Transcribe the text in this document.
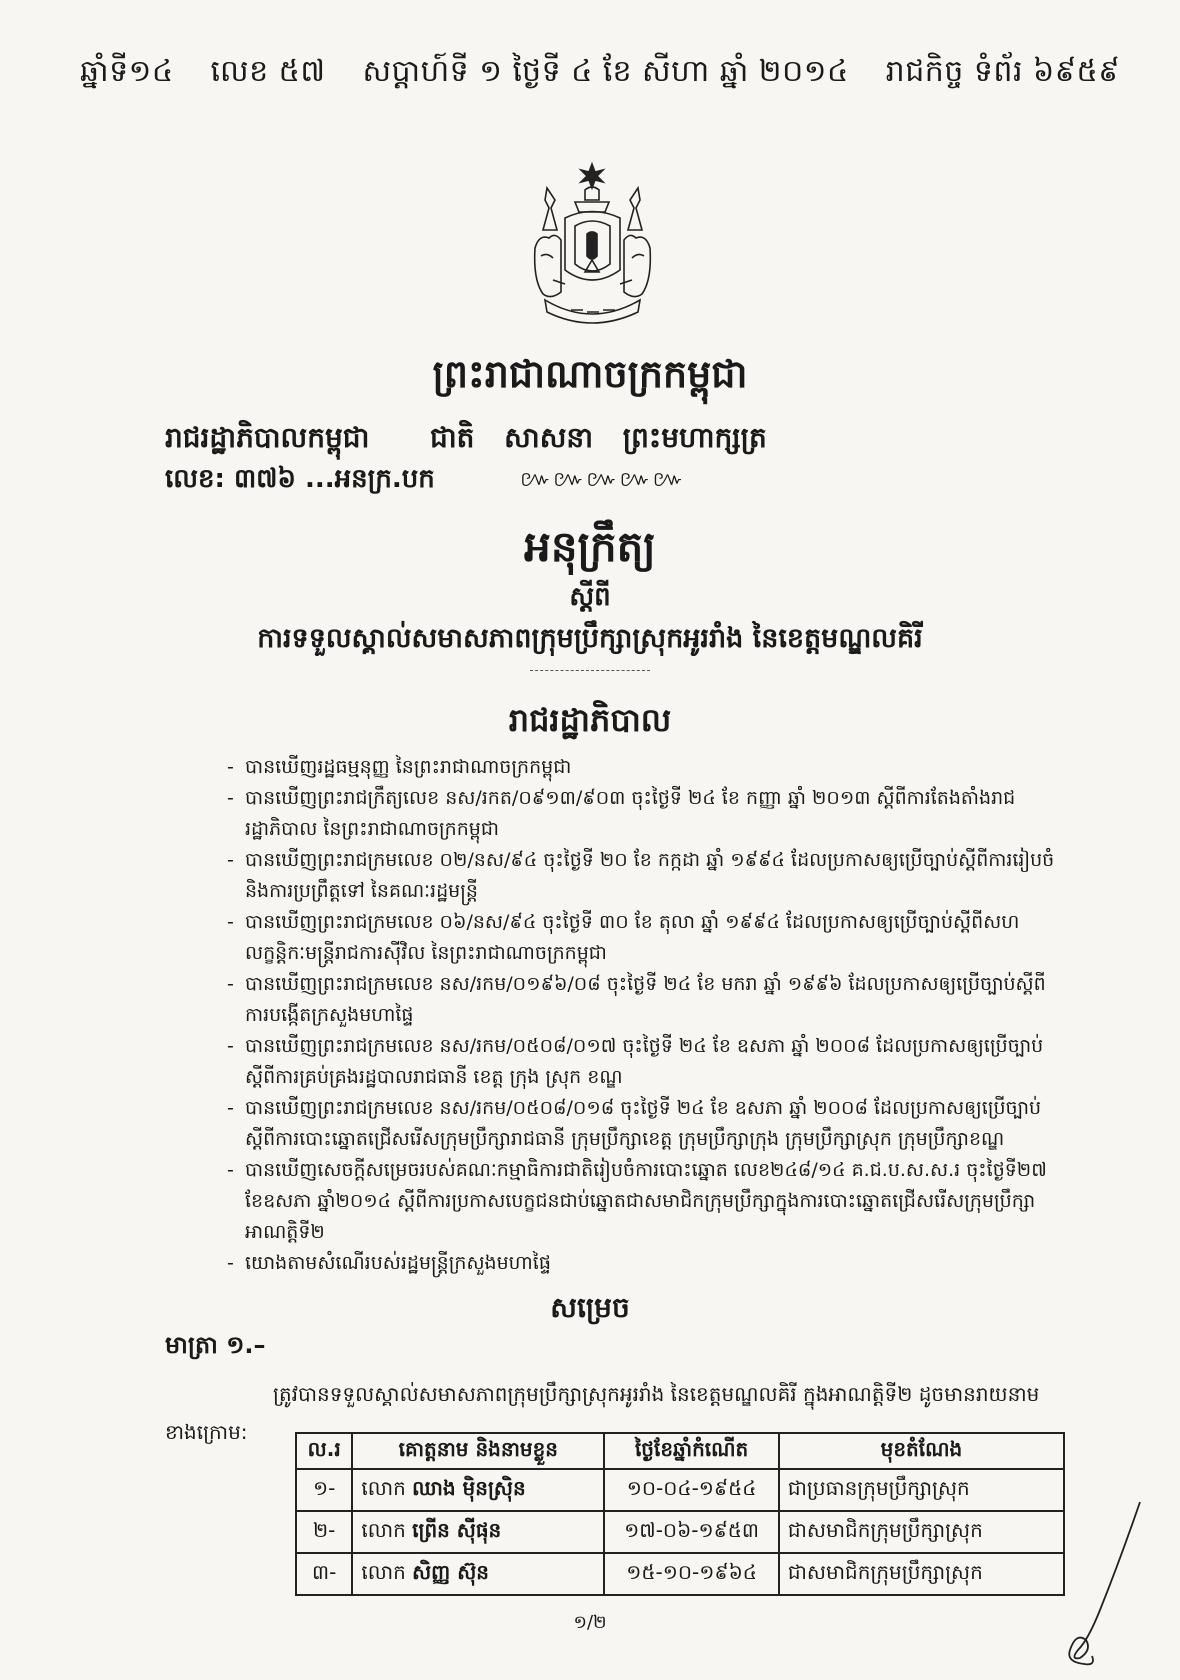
ឆ្នាំទី១៤ លេខ ៥៧ សប្តាហ៍ទី ១ ថ្ងៃទី ៤ ខែ សីហា ឆ្នាំ ២០១៤ រាជកិច្ច ទំព័រ ៦៩៥៩
ព្រះរាជាណាចក្រកម្ពុជា
រាជរដ្ឋាភិបាលកម្ពុជា ជាតិ សាសនា ព្រះមហាក្សត្រ
លេខ: ៣៧៦ ...អនក្រ.បក	៚៚៚៚៚
អនុក្រឹត្យ
ស្តីពី
ការទទួលស្គាល់សមាសភាពក្រុមប្រឹក្សាស្រុកអូររាំង នៃខេត្តមណ្ឌលគិរី
រាជរដ្ឋាភិបាល
- បានឃើញរដ្ឋធម្មនុញ្ញ នៃព្រះរាជាណាចក្រកម្ពុជា
- បានឃើញព្រះរាជក្រឹត្យលេខ នស/រកត/០៩១៣/៩០៣ ចុះថ្ងៃទី ២៤ ខែ កញ្ញា ឆ្នាំ ២០១៣ ស្តីពីការតែងតាំងរាជរដ្ឋាភិបាល នៃព្រះរាជាណាចក្រកម្ពុជា
- បានឃើញព្រះរាជក្រមលេខ ០២/នស/៩៤ ចុះថ្ងៃទី ២០ ខែ កក្កដា ឆ្នាំ ១៩៩៤ ដែលប្រកាសឲ្យប្រើច្បាប់ស្តីពីការរៀបចំ និងការប្រព្រឹត្តទៅ នៃគណៈរដ្ឋមន្ត្រី
- បានឃើញព្រះរាជក្រមលេខ ០៦/នស/៩៤ ចុះថ្ងៃទី ៣០ ខែ តុលា ឆ្នាំ ១៩៩៤ ដែលប្រកាសឲ្យប្រើច្បាប់ស្តីពីសហលក្ខន្តិកៈមន្ត្រីរាជការស៊ីវិល នៃព្រះរាជាណាចក្រកម្ពុជា
- បានឃើញព្រះរាជក្រមលេខ នស/រកម/០១៩៦/០៨ ចុះថ្ងៃទី ២៤ ខែ មករា ឆ្នាំ ១៩៩៦ ដែលប្រកាសឲ្យប្រើច្បាប់ស្តីពីការបង្កើតក្រសួងមហាផ្ទៃ
- បានឃើញព្រះរាជក្រមលេខ នស/រកម/០៥០៨/០១៧ ចុះថ្ងៃទី ២៤ ខែ ឧសភា ឆ្នាំ ២០០៨ ដែលប្រកាសឲ្យប្រើច្បាប់ស្តីពីការគ្រប់គ្រងរដ្ឋបាលរាជធានី ខេត្ត ក្រុង ស្រុក ខណ្ឌ
- បានឃើញព្រះរាជក្រមលេខ នស/រកម/០៥០៨/០១៨ ចុះថ្ងៃទី ២៤ ខែ ឧសភា ឆ្នាំ ២០០៨ ដែលប្រកាសឲ្យប្រើច្បាប់ស្តីពីការបោះឆ្នោតជ្រើសរើសក្រុមប្រឹក្សារាជធានី ក្រុមប្រឹក្សាខេត្ត ក្រុមប្រឹក្សាក្រុង ក្រុមប្រឹក្សាស្រុក ក្រុមប្រឹក្សាខណ្ឌ
- បានឃើញសេចក្តីសម្រេចរបស់គណៈកម្មាធិការជាតិរៀបចំការបោះឆ្នោត លេខ២៤៨/១៤ គ.ជ.ប.ស.ស.រ ចុះថ្ងៃទី២៧ ខែឧសភា ឆ្នាំ២០១៤ ស្តីពីការប្រកាសបេក្ខជនជាប់ឆ្នោតជាសមាជិកក្រុមប្រឹក្សាក្នុងការបោះឆ្នោតជ្រើសរើសក្រុមប្រឹក្សា អាណត្តិទី២
- យោងតាមសំណើរបស់រដ្ឋមន្ត្រីក្រសួងមហាផ្ទៃ
សម្រេច
មាត្រា ១.–
ត្រូវបានទទួលស្គាល់សមាសភាពក្រុមប្រឹក្សាស្រុកអូររាំង នៃខេត្តមណ្ឌលគិរី ក្នុងអាណត្តិទី២ ដូចមានរាយនាមខាងក្រោម:
ល.រ	គោត្តនាម និងនាមខ្លួន	ថ្ងៃខែឆ្នាំកំណើត	មុខតំណែង
១-	លោក ឈាង ម៉ិនស្រ៊ិន	១០-០៤-១៩៥៤	ជាប្រធានក្រុមប្រឹក្សាស្រុក
២-	លោក ព្រើន ស៊ីផុន	១៧-០៦-១៩៥៣	ជាសមាជិកក្រុមប្រឹក្សាស្រុក
៣-	លោក សិញ្ញ ស៊ុន	១៥-១០-១៩៦៤	ជាសមាជិកក្រុមប្រឹក្សាស្រុក
១/២
